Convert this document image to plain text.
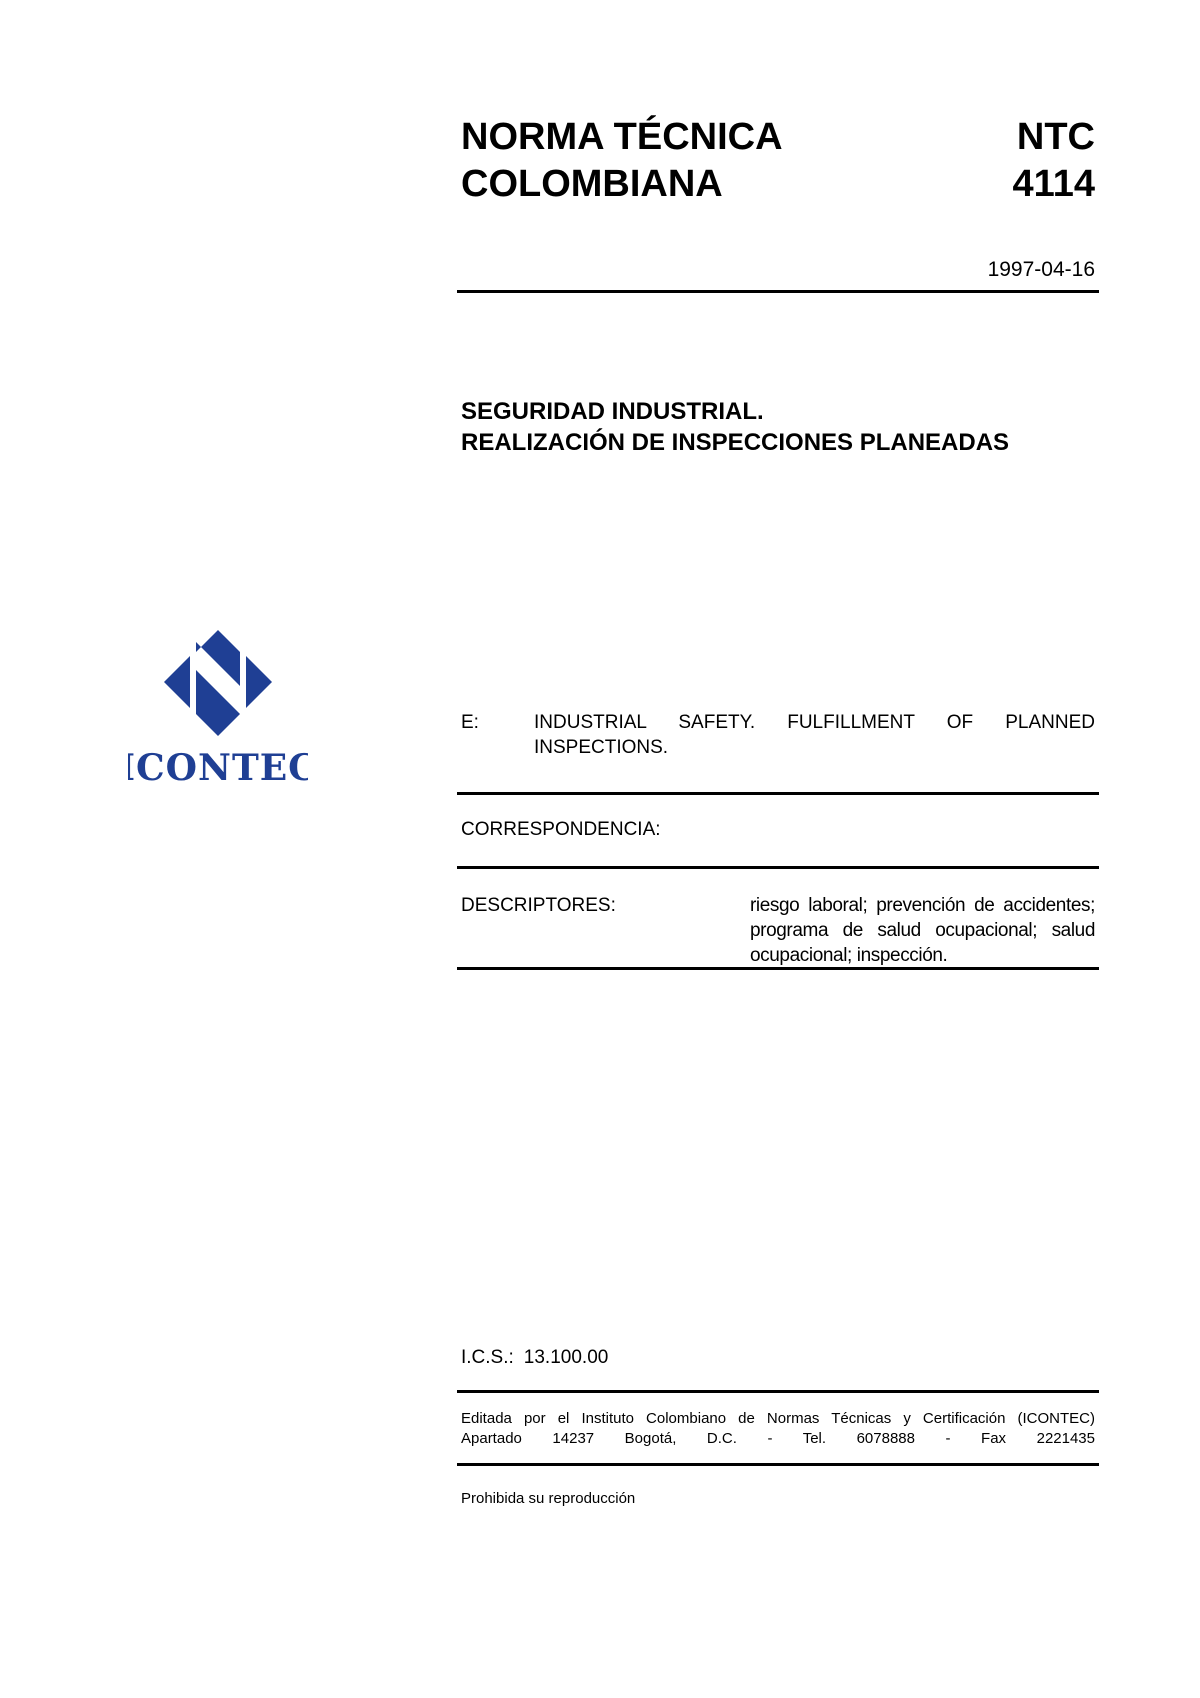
NORMA TÉCNICA
COLOMBIANA
NTC
4114
1997-04-16
SEGURIDAD INDUSTRIAL.
REALIZACIÓN DE INSPECCIONES PLANEADAS
ICONTEC
E:	INDUSTRIAL SAFETY. FULFILLMENT OF PLANNED INSPECTIONS.
CORRESPONDENCIA:
DESCRIPTORES:	riesgo laboral; prevención de accidentes; programa de salud ocupacional; salud ocupacional; inspección.
I.C.S.: 13.100.00
Editada por el Instituto Colombiano de Normas Técnicas y Certificación (ICONTEC)
Apartado 14237 Bogotá, D.C. - Tel. 6078888 - Fax 2221435
Prohibida su reproducción
